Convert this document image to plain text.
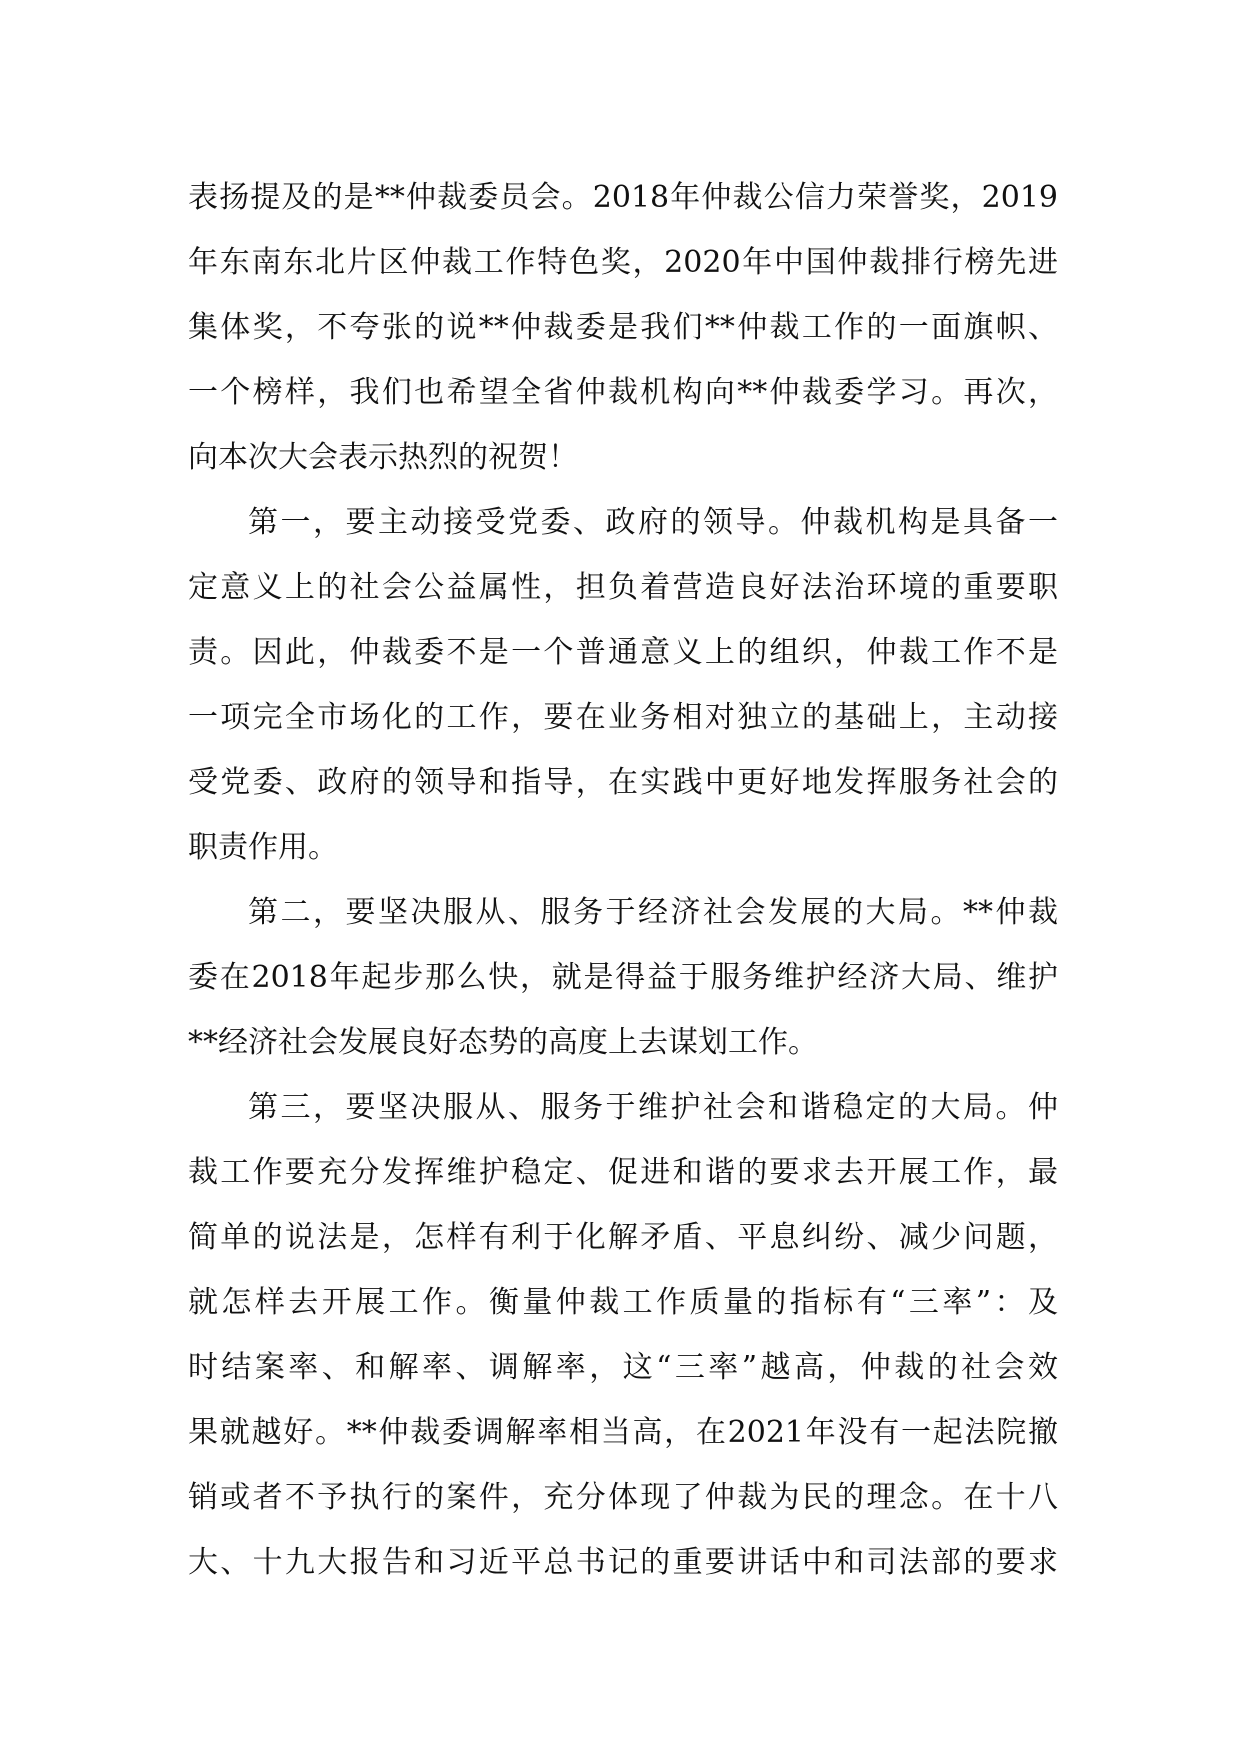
表扬提及的是**仲裁委员会。2018年仲裁公信力荣誉奖，2019
年东南东北片区仲裁工作特色奖，2020年中国仲裁排行榜先进
集体奖，不夸张的说**仲裁委是我们**仲裁工作的一面旗帜、
一个榜样，我们也希望全省仲裁机构向**仲裁委学习。再次，
向本次大会表示热烈的祝贺！
第一，要主动接受党委、政府的领导。仲裁机构是具备一
定意义上的社会公益属性，担负着营造良好法治环境的重要职
责。因此，仲裁委不是一个普通意义上的组织，仲裁工作不是
一项完全市场化的工作，要在业务相对独立的基础上，主动接
受党委、政府的领导和指导，在实践中更好地发挥服务社会的
职责作用。
第二，要坚决服从、服务于经济社会发展的大局。**仲裁
委在2018年起步那么快，就是得益于服务维护经济大局、维护
**经济社会发展良好态势的高度上去谋划工作。
第三，要坚决服从、服务于维护社会和谐稳定的大局。仲
裁工作要充分发挥维护稳定、促进和谐的要求去开展工作，最
简单的说法是，怎样有利于化解矛盾、平息纠纷、减少问题，
就怎样去开展工作。衡量仲裁工作质量的指标有“三率”：及
时结案率、和解率、调解率，这“三率”越高，仲裁的社会效
果就越好。**仲裁委调解率相当高，在2021年没有一起法院撤
销或者不予执行的案件，充分体现了仲裁为民的理念。在十八
大、十九大报告和习近平总书记的重要讲话中和司法部的要求
